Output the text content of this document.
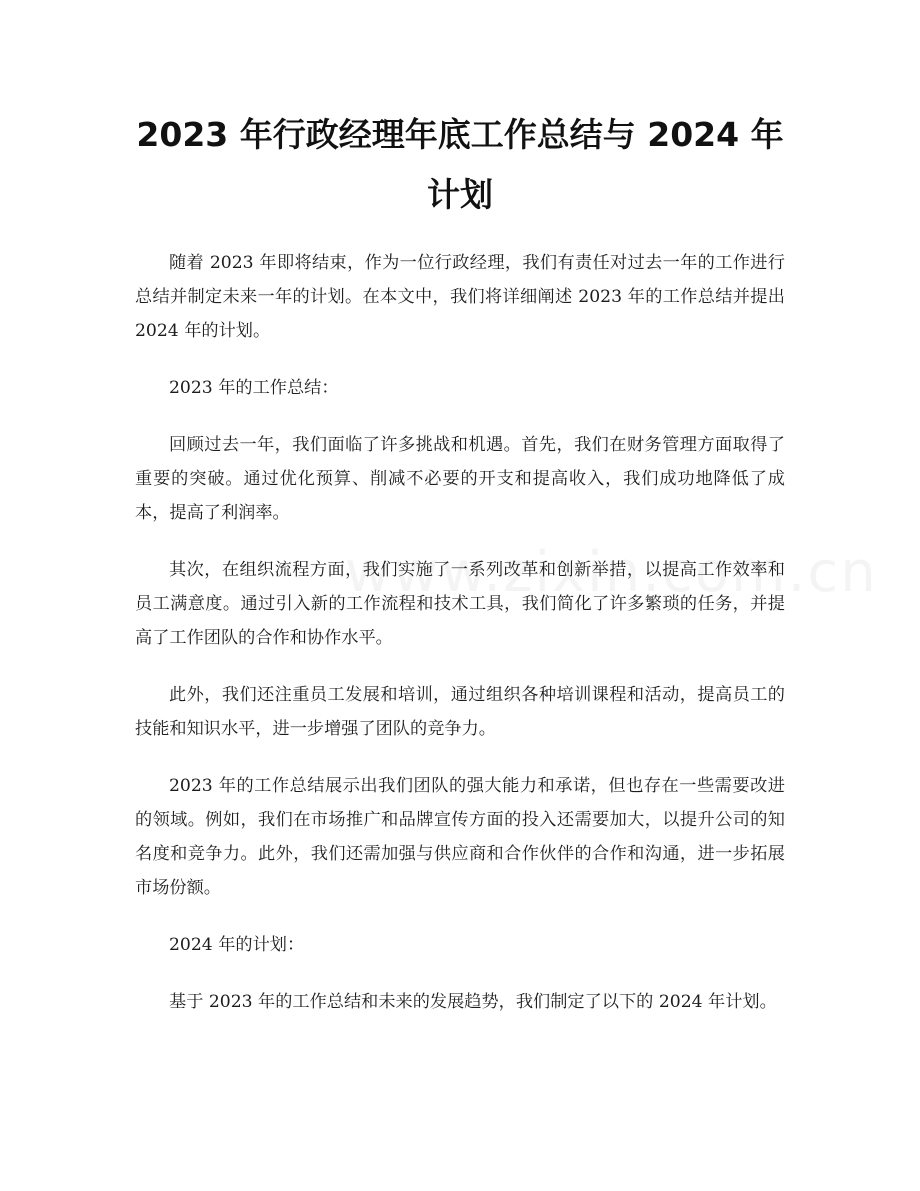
2023 年行政经理年底工作总结与 2024 年计划

随着 2023 年即将结束，作为一位行政经理，我们有责任对过去一年的工作进行总结并制定未来一年的计划。在本文中，我们将详细阐述 2023 年的工作总结并提出 2024 年的计划。

2023 年的工作总结：

回顾过去一年，我们面临了许多挑战和机遇。首先，我们在财务管理方面取得了重要的突破。通过优化预算、削减不必要的开支和提高收入，我们成功地降低了成本，提高了利润率。

其次，在组织流程方面，我们实施了一系列改革和创新举措，以提高工作效率和员工满意度。通过引入新的工作流程和技术工具，我们简化了许多繁琐的任务，并提高了工作团队的合作和协作水平。

此外，我们还注重员工发展和培训，通过组织各种培训课程和活动，提高员工的技能和知识水平，进一步增强了团队的竞争力。

2023 年的工作总结展示出我们团队的强大能力和承诺，但也存在一些需要改进的领域。例如，我们在市场推广和品牌宣传方面的投入还需要加大，以提升公司的知名度和竞争力。此外，我们还需加强与供应商和合作伙伴的合作和沟通，进一步拓展市场份额。

2024 年的计划：

基于 2023 年的工作总结和未来的发展趋势，我们制定了以下的 2024 年计划。
